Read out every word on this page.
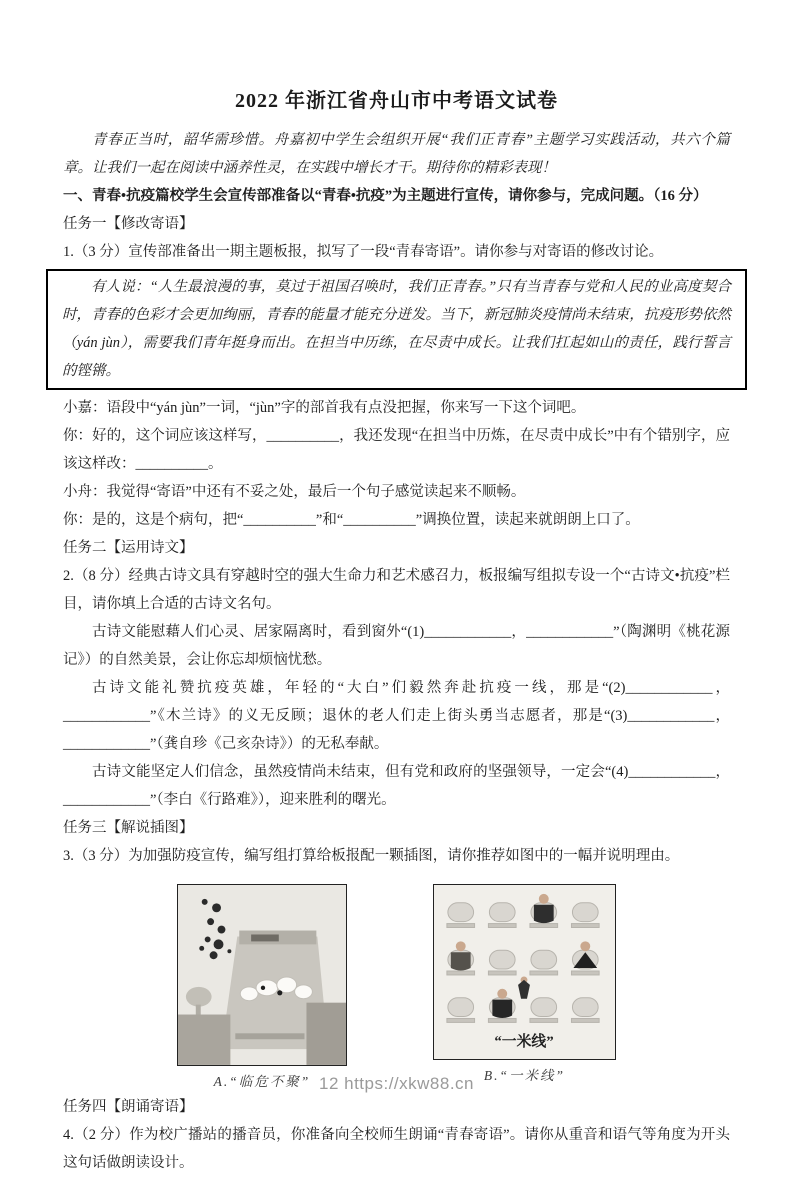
2022 年浙江省舟山市中考语文试卷

青春正当时，韶华需珍惜。舟嘉初中学生会组织开展“我们正青春”主题学习实践活动，共六个篇章。让我们一起在阅读中涵养性灵，在实践中增长才干。期待你的精彩表现！

一、青春•抗疫篇校学生会宣传部准备以“青春•抗疫”为主题进行宣传，请你参与，完成问题。（16 分）

任务一【修改寄语】

1.（3 分）宣传部准备出一期主题板报，拟写了一段“青春寄语”。请你参与对寄语的修改讨论。

有人说：“人生最浪漫的事，莫过于祖国召唤时，我们正青春。”只有当青春与党和人民的业高度契合时，青春的色彩才会更加绚丽，青春的能量才能充分迸发。当下，新冠肺炎疫情尚未结束，抗疫形势依然（yán jùn），需要我们青年挺身而出。在担当中历练，在尽责中成长。让我们扛起如山的责任，践行誓言的铿锵。

小嘉：语段中“yán jùn”一词，“jùn”字的部首我有点没把握，你来写一下这个词吧。

你：好的，这个词应该这样写，__________，我还发现“在担当中历炼，在尽责中成长”中有个错别字，应该这样改：__________。

小舟：我觉得“寄语”中还有不妥之处，最后一个句子感觉读起来不顺畅。

你：是的，这是个病句，把“__________”和“__________”调换位置，读起来就朗朗上口了。

任务二【运用诗文】

2.（8 分）经典古诗文具有穿越时空的强大生命力和艺术感召力，板报编写组拟专设一个“古诗文•抗疫”栏目，请你填上合适的古诗文名句。

古诗文能慰藉人们心灵、居家隔离时，看到窗外“(1)____________，____________”（陶渊明《桃花源记》）的自然美景，会让你忘却烦恼忧愁。

古诗文能礼赞抗疫英雄，年轻的“大白”们毅然奔赴抗疫一线，那是“(2)____________，____________”《木兰诗》的义无反顾；退休的老人们走上街头勇当志愿者，那是“(3)____________，____________”（龚自珍《己亥杂诗》）的无私奉献。

古诗文能坚定人们信念，虽然疫情尚未结束，但有党和政府的坚强领导，一定会“(4)____________，____________”（李白《行路难》），迎来胜利的曙光。

任务三【解说插图】

3.（3 分）为加强防疫宣传，编写组打算给板报配一颗插图，请你推荐如图中的一幅并说明理由。

A.“临危不聚”
“一米线”
B.“一米线”

任务四【朗诵寄语】

4.（2 分）作为校广播站的播音员，你准备向全校师生朗诵“青春寄语”。请你从重音和语气等角度为开头这句话做朗读设计。

12 https://xkw88.cn
